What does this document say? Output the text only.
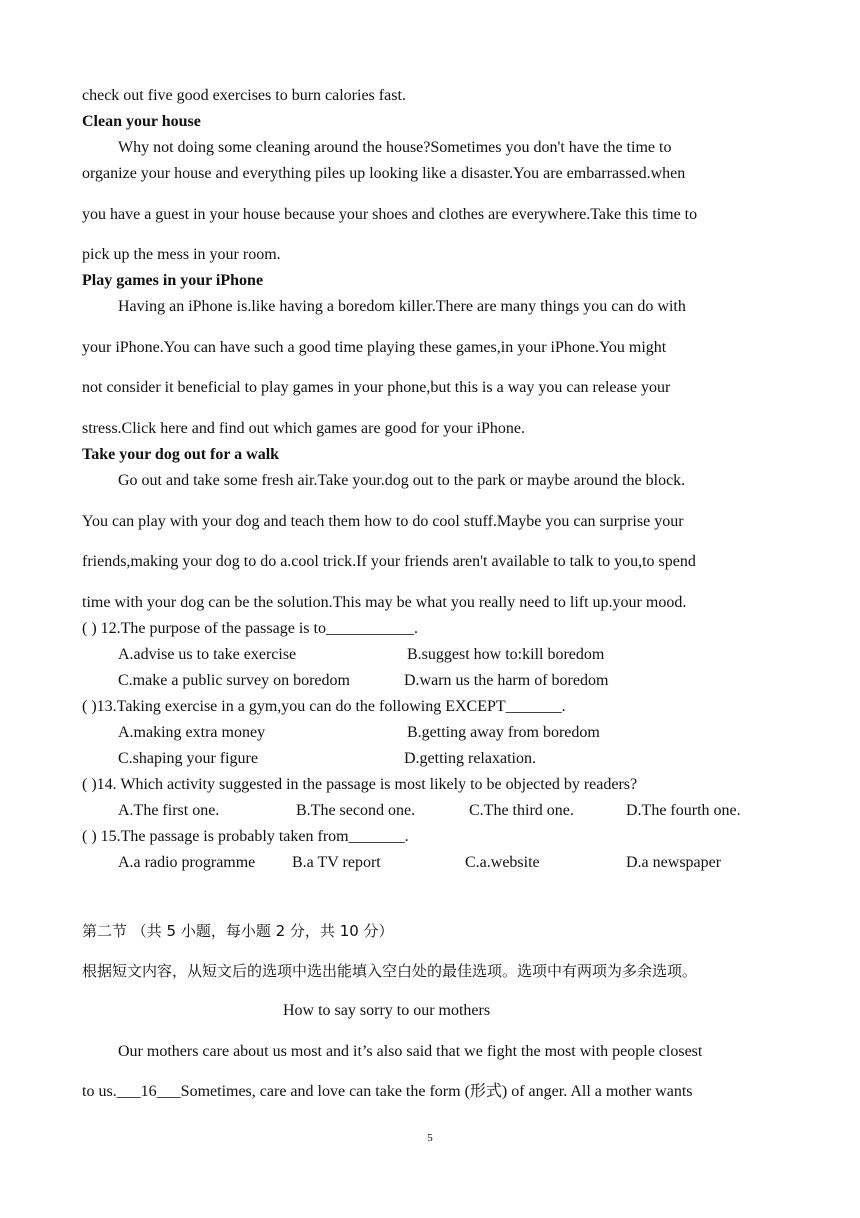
check out five good exercises to burn calories fast.
Clean your house
Why not doing some cleaning around the house?Sometimes you don't have the time to
organize your house and everything piles up looking like a disaster.You are embarrassed.when
you have a guest in your house because your shoes and clothes are everywhere.Take this time to
pick up the mess in your room.
Play games in your iPhone
Having an iPhone is.like having a boredom killer.There are many things you can do with
your iPhone.You can have such a good time playing these games,in your iPhone.You might
not consider it beneficial to play games in your phone,but this is a way you can release your
stress.Click here and find out which games are good for your iPhone.
Take your dog out for a walk
Go out and take some fresh air.Take your.dog out to the park or maybe around the block.
You can play with your dog and teach them how to do cool stuff.Maybe you can surprise your
friends,making your dog to do a.cool trick.If your friends aren't available to talk to you,to spend
time with your dog can be the solution.This may be what you really need to lift up.your mood.
( ) 12.The purpose of the passage is to___________.
A.advise us to take exercise	B.suggest how to:kill boredom
C.make a public survey on boredom	D.warn us the harm of boredom
( )13.Taking exercise in a gym,you can do the following EXCEPT_______.
A.making extra money	B.getting away from boredom
C.shaping your figure	D.getting relaxation.
( )14. Which activity suggested in the passage is most likely to be objected by readers?
A.The first one.	B.The second one.	C.The third one.	D.The fourth one.
( ) 15.The passage is probably taken from_______.
A.a radio programme B.a TV report	C.a.website	D.a newspaper
第二节 （共 5 小题，每小题 2 分，共 10 分）
根据短文内容，从短文后的选项中选出能填入空白处的最佳选项。选项中有两项为多余选项。
How to say sorry to our mothers
Our mothers care about us most and it’s also said that we fight the most with people closest
to us.___16___Sometimes, care and love can take the form (形式) of anger. All a mother wants
5
